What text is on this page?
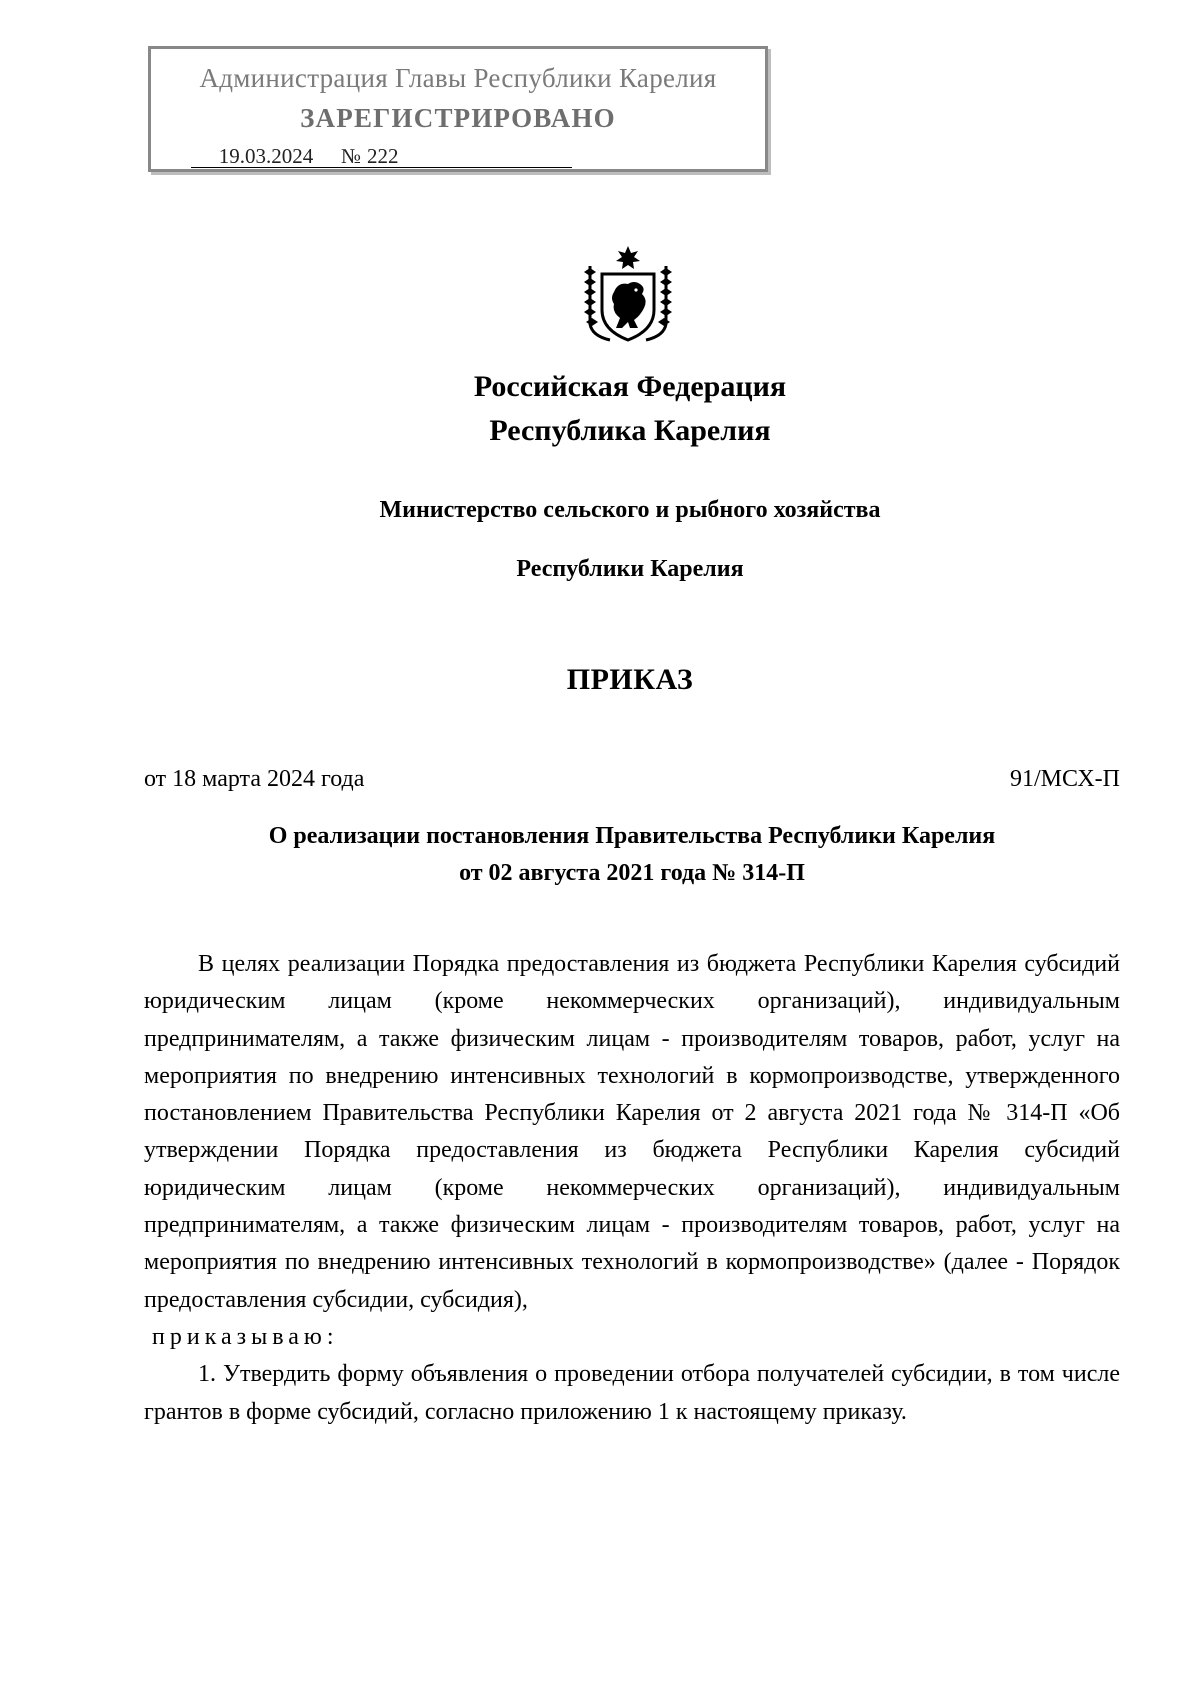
Администрация Главы Республики Карелия
ЗАРЕГИСТРИРОВАНО
19.03.2024 № 222
Российская Федерация
Республика Карелия
Министерство сельского и рыбного хозяйства
Республики Карелия
ПРИКАЗ
от 18 марта 2024 года	91/МСХ-П
О реализации постановления Правительства Республики Карелия
от 02 августа 2021 года № 314-П

В целях реализации Порядка предоставления из бюджета Республики Карелия субсидий юридическим лицам (кроме некоммерческих организаций), индивидуальным предпринимателям, а также физическим лицам - производителям товаров, работ, услуг на мероприятия по внедрению интенсивных технологий в кормопроизводстве, утвержденного постановлением Правительства Республики Карелия от 2 августа 2021 года № 314-П «Об утверждении Порядка предоставления из бюджета Республики Карелия субсидий юридическим лицам (кроме некоммерческих организаций), индивидуальным предпринимателям, а также физическим лицам - производителям товаров, работ, услуг на мероприятия по внедрению интенсивных технологий в кормопроизводстве» (далее - Порядок предоставления субсидии, субсидия),

приказываю:

1. Утвердить форму объявления о проведении отбора получателей субсидии, в том числе грантов в форме субсидий, согласно приложению 1 к настоящему приказу.
